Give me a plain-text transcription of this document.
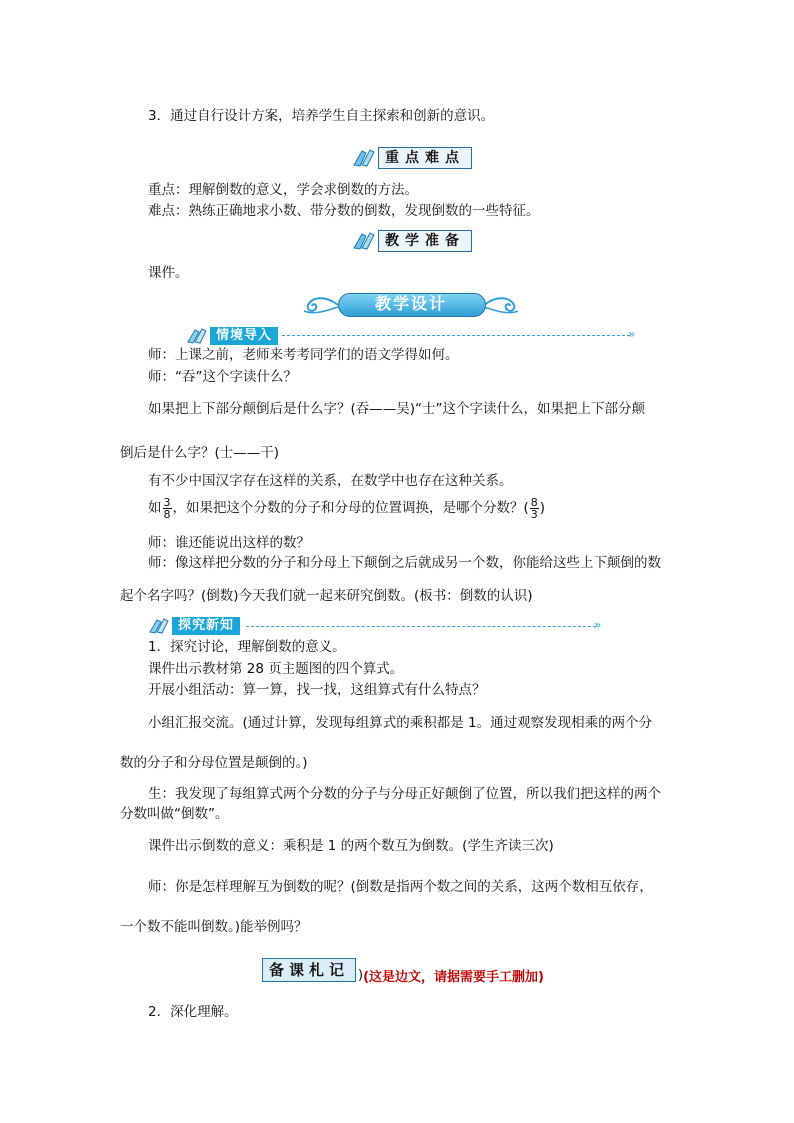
3．通过自行设计方案，培养学生自主探索和创新的意识。
重点难点
重点：理解倒数的意义，学会求倒数的方法。
难点：熟练正确地求小数、带分数的倒数，发现倒数的一些特征。
教学准备
课件。
教学设计
情境导入	»
师：上课之前，老师来考考同学们的语文学得如何。
师：“吞”这个字读什么？
如果把上下部分颠倒后是什么字？(吞——吴)“士”这个字读什么，如果把上下部分颠
倒后是什么字？(士——干)
有不少中国汉字存在这样的关系，在数学中也存在这种关系。
如 $\frac{3}{8}$ ，如果把这个分数的分子和分母的位置调换，是哪个分数？( $\frac{8}{3}$ )
师：谁还能说出这样的数？
师：像这样把分数的分子和分母上下颠倒之后就成另一个数，你能给这些上下颠倒的数
起个名字吗？(倒数)今天我们就一起来研究倒数。(板书：倒数的认识)
探究新知	»
1．探究讨论，理解倒数的意义。
课件出示教材第 28 页主题图的四个算式。
开展小组活动：算一算，找一找，这组算式有什么特点？
小组汇报交流。(通过计算，发现每组算式的乘积都是 1。通过观察发现相乘的两个分
数的分子和分母位置是颠倒的。)
生：我发现了每组算式两个分数的分子与分母正好颠倒了位置，所以我们把这样的两个
分数叫做“倒数”。
课件出示倒数的意义：乘积是 1 的两个数互为倒数。(学生齐读三次)
师：你是怎样理解互为倒数的呢？(倒数是指两个数之间的关系，这两个数相互依存，
一个数不能叫倒数。)能举例吗？
备课札记 ) (这是边文，请据需要手工删加)
2．深化理解。
